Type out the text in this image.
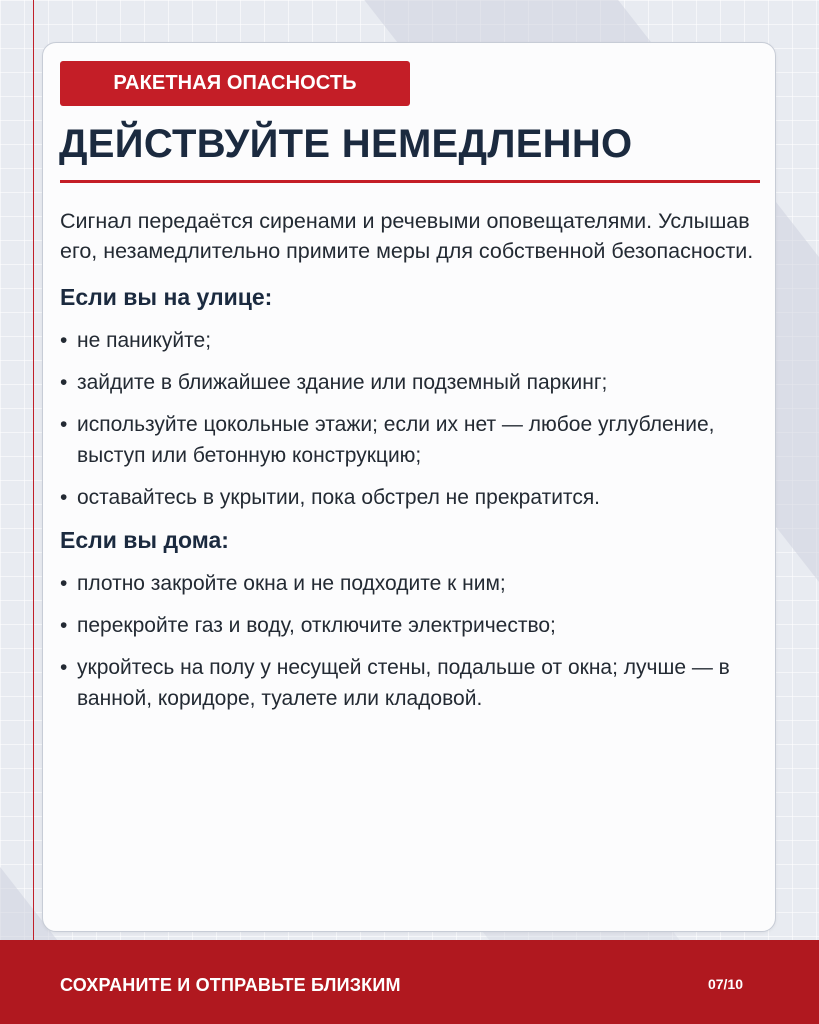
РАКЕТНАЯ ОПАСНОСТЬ
ДЕЙСТВУЙТЕ НЕМЕДЛЕННО

Сигнал передаётся сиренами и речевыми оповещателями. Услышав его, незамедлительно примите меры для собственной безопасности.

Если вы на улице:
• не паникуйте;
• зайдите в ближайшее здание или подземный паркинг;
• используйте цокольные этажи; если их нет — любое углубление, выступ или бетонную конструкцию;
• оставайтесь в укрытии, пока обстрел не прекратится.
Если вы дома:
• плотно закройте окна и не подходите к ним;
• перекройте газ и воду, отключите электричество;
• укройтесь на полу у несущей стены, подальше от окна; лучше — в ванной, коридоре, туалете или кладовой.
СОХРАНИТЕ И ОТПРАВЬТЕ БЛИЗКИМ	07/10
